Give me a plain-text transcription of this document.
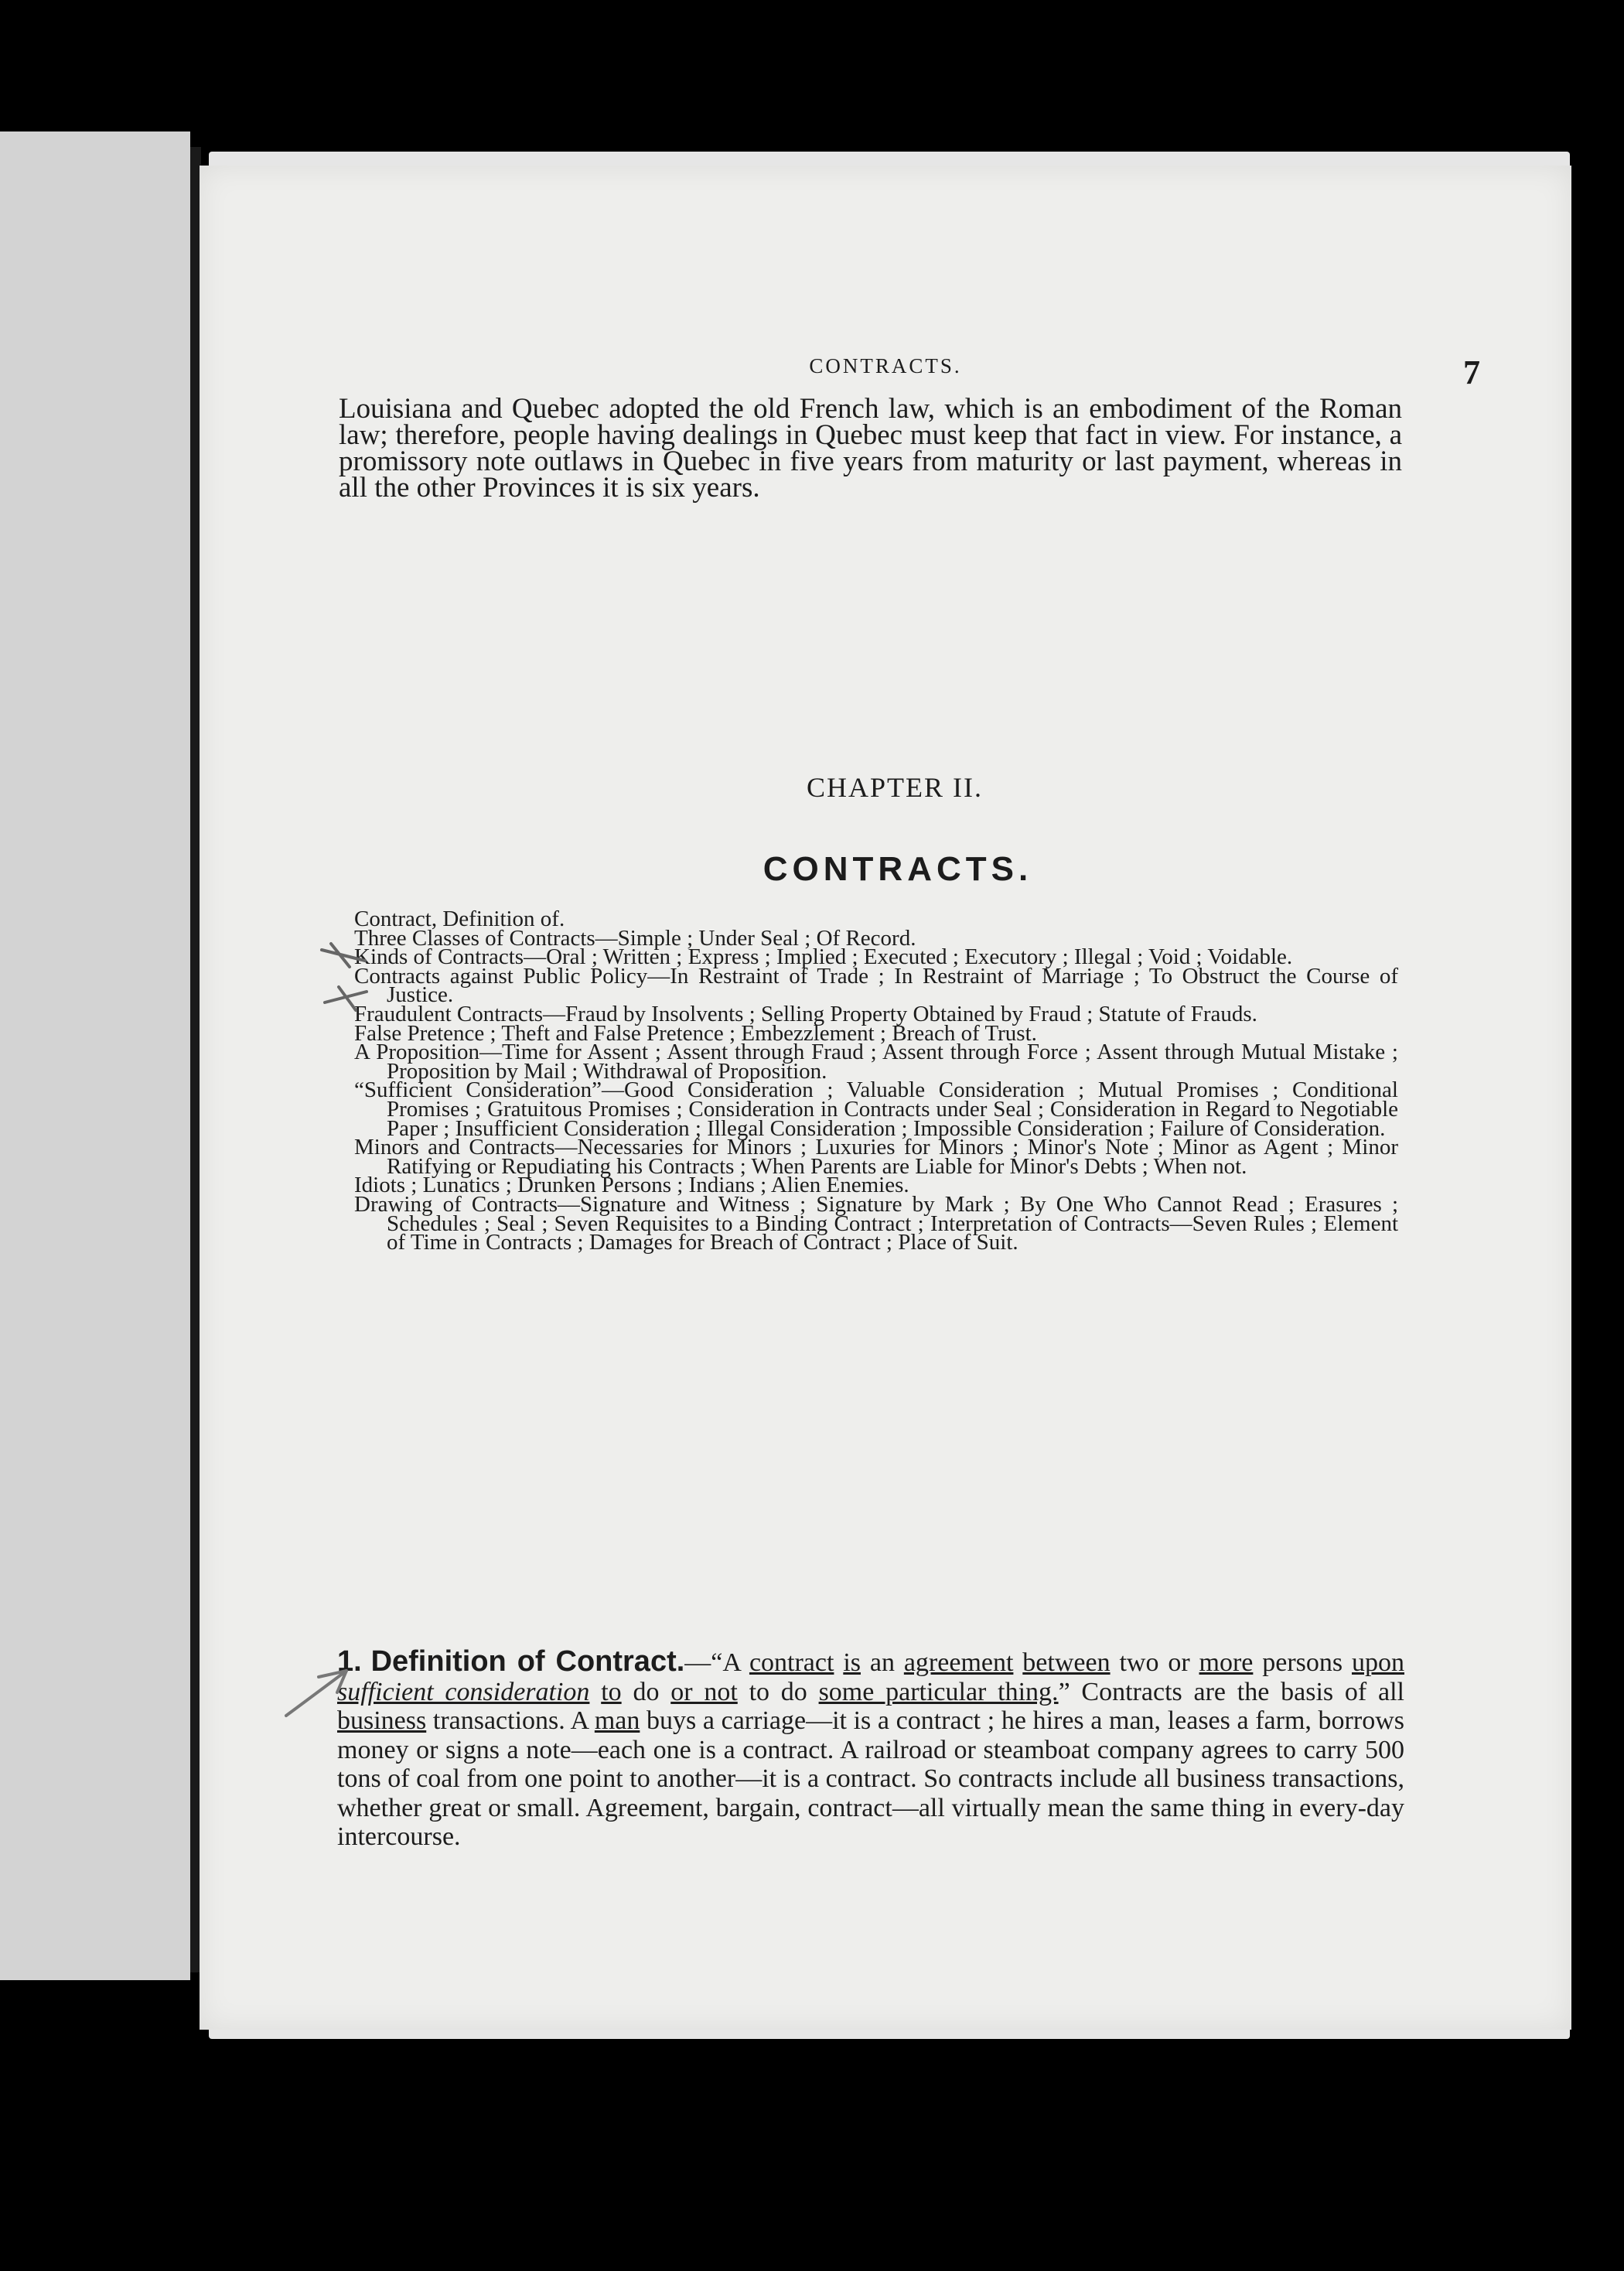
CONTRACTS.	7
Louisiana and Quebec adopted the old French law, which is an embodiment of the Roman law; therefore, people having dealings in Quebec must keep that fact in view. For instance, a promissory note outlaws in Quebec in five years from maturity or last payment, whereas in all the other Provinces it is six years.
CHAPTER II.
CONTRACTS.
Contract, Definition of.
Three Classes of Contracts—Simple ; Under Seal ; Of Record.
Kinds of Contracts—Oral ; Written ; Express ; Implied ; Executed ; Executory ; Illegal ; Void ; Voidable.
Contracts against Public Policy—In Restraint of Trade ; In Restraint of Marriage ; To Obstruct the Course of Justice.
Fraudulent Contracts—Fraud by Insolvents ; Selling Property Obtained by Fraud ; Statute of Frauds.
False Pretence ; Theft and False Pretence ; Embezzlement ; Breach of Trust.
A Proposition—Time for Assent ; Assent through Fraud ; Assent through Force ; Assent through Mutual Mistake ; Proposition by Mail ; Withdrawal of Proposition.
“Sufficient Consideration”—Good Consideration ; Valuable Consideration ; Mutual Promises ; Conditional Promises ; Gratuitous Promises ; Consideration in Contracts under Seal ; Consideration in Regard to Negotiable Paper ; Insufficient Consideration ; Illegal Consideration ; Impossible Consideration ; Failure of Consideration.
Minors and Contracts—Necessaries for Minors ; Luxuries for Minors ; Minor's Note ; Minor as Agent ; Minor Ratifying or Repudiating his Contracts ; When Parents are Liable for Minor's Debts ; When not.
Idiots ; Lunatics ; Drunken Persons ; Indians ; Alien Enemies.
Drawing of Contracts—Signature and Witness ; Signature by Mark ; By One Who Cannot Read ; Erasures ; Schedules ; Seal ; Seven Requisites to a Binding Contract ; Interpretation of Contracts—Seven Rules ; Element of Time in Contracts ; Damages for Breach of Contract ; Place of Suit.
1. Definition of Contract.—“A contract is an agreement between two or more persons upon sufficient consideration to do or not to do some particular thing.” Contracts are the basis of all business transactions. A man buys a carriage—it is a contract ; he hires a man, leases a farm, borrows money or signs a note—each one is a contract. A railroad or steamboat company agrees to carry 500 tons of coal from one point to another—it is a contract. So contracts include all business transactions, whether great or small. Agreement, bargain, contract—all virtually mean the same thing in every-day intercourse.
